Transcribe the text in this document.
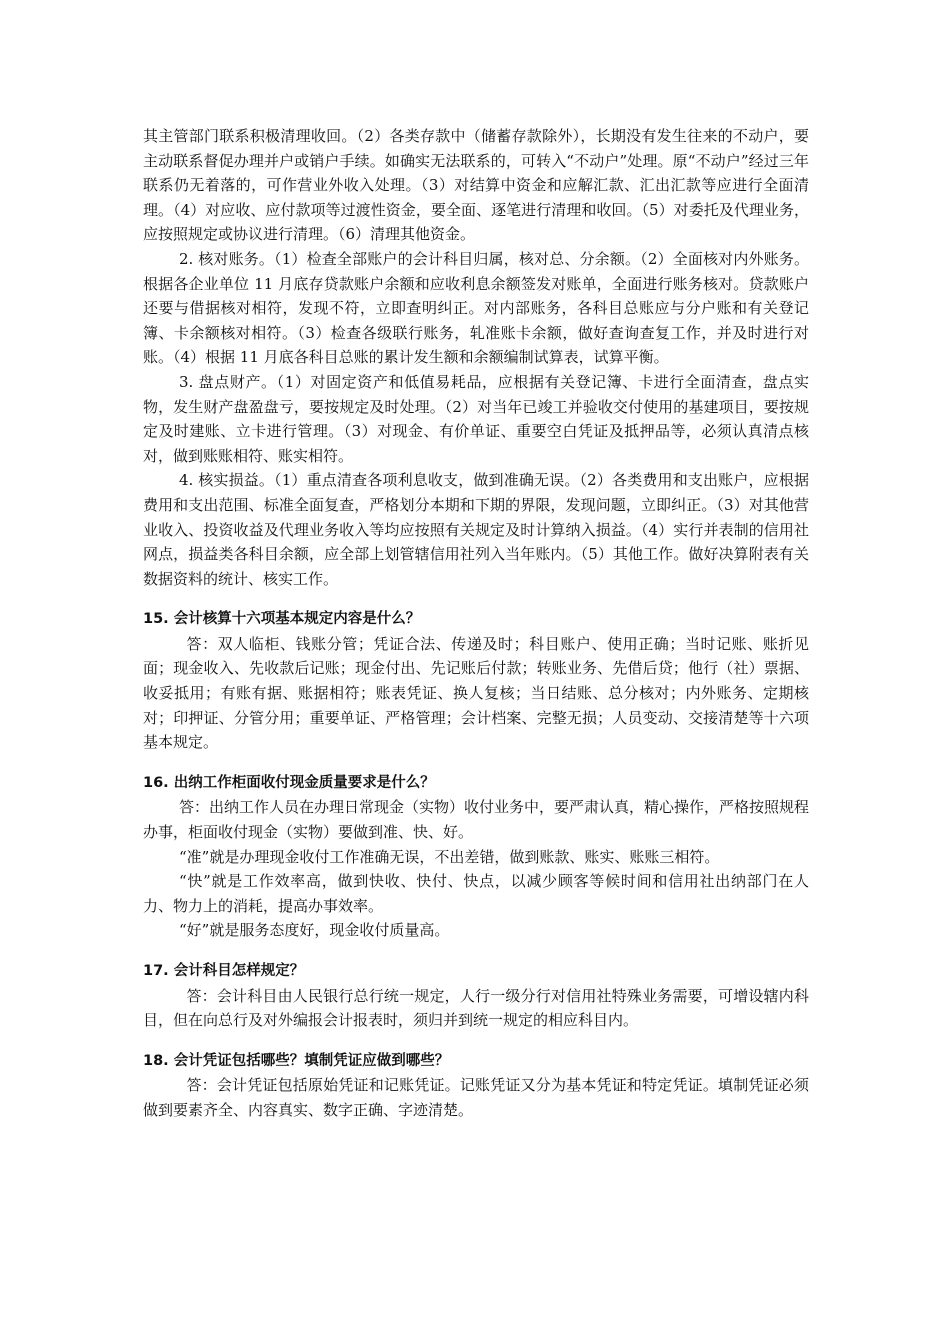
其主管部门联系积极清理收回。（2）各类存款中（储蓄存款除外），长期没有发生往来的不动户，要主动联系督促办理并户或销户手续。如确实无法联系的，可转入“不动户”处理。原“不动户”经过三年联系仍无着落的，可作营业外收入处理。（3）对结算中资金和应解汇款、汇出汇款等应进行全面清理。（4）对应收、应付款项等过渡性资金，要全面、逐笔进行清理和收回。（5）对委托及代理业务，应按照规定或协议进行清理。（6）清理其他资金。

2. 核对账务。（1）检查全部账户的会计科目归属，核对总、分余额。（2）全面核对内外账务。根据各企业单位 11 月底存贷款账户余额和应收利息余额签发对账单，全面进行账务核对。贷款账户还要与借据核对相符，发现不符，立即查明纠正。对内部账务，各科目总账应与分户账和有关登记簿、卡余额核对相符。（3）检查各级联行账务，轧准账卡余额，做好查询查复工作，并及时进行对账。（4）根据 11 月底各科目总账的累计发生额和余额编制试算表，试算平衡。

3. 盘点财产。（1）对固定资产和低值易耗品，应根据有关登记簿、卡进行全面清查，盘点实物，发生财产盘盈盘亏，要按规定及时处理。（2）对当年已竣工并验收交付使用的基建项目，要按规定及时建账、立卡进行管理。（3）对现金、有价单证、重要空白凭证及抵押品等，必须认真清点核对，做到账账相符、账实相符。

4. 核实损益。（1）重点清查各项利息收支，做到准确无误。（2）各类费用和支出账户，应根据费用和支出范围、标准全面复查，严格划分本期和下期的界限，发现问题，立即纠正。（3）对其他营业收入、投资收益及代理业务收入等均应按照有关规定及时计算纳入损益。（4）实行并表制的信用社网点，损益类各科目余额，应全部上划管辖信用社列入当年账内。（5）其他工作。做好决算附表有关数据资料的统计、核实工作。

15. 会计核算十六项基本规定内容是什么？

答：双人临柜、钱账分管；凭证合法、传递及时；科目账户、使用正确；当时记账、账折见面；现金收入、先收款后记账；现金付出、先记账后付款；转账业务、先借后贷；他行（社）票据、收妥抵用；有账有据、账据相符；账表凭证、换人复核；当日结账、总分核对；内外账务、定期核对；印押证、分管分用；重要单证、严格管理；会计档案、完整无损；人员变动、交接清楚等十六项基本规定。

16. 出纳工作柜面收付现金质量要求是什么？

答：出纳工作人员在办理日常现金（实物）收付业务中，要严肃认真，精心操作，严格按照规程办事，柜面收付现金（实物）要做到准、快、好。

“准”就是办理现金收付工作准确无误，不出差错，做到账款、账实、账账三相符。

“快”就是工作效率高，做到快收、快付、快点，以减少顾客等候时间和信用社出纳部门在人力、物力上的消耗，提高办事效率。

“好”就是服务态度好，现金收付质量高。

17. 会计科目怎样规定？

答：会计科目由人民银行总行统一规定，人行一级分行对信用社特殊业务需要，可增设辖内科目，但在向总行及对外编报会计报表时，须归并到统一规定的相应科目内。

18. 会计凭证包括哪些？填制凭证应做到哪些？

答：会计凭证包括原始凭证和记账凭证。记账凭证又分为基本凭证和特定凭证。填制凭证必须做到要素齐全、内容真实、数字正确、字迹清楚。
